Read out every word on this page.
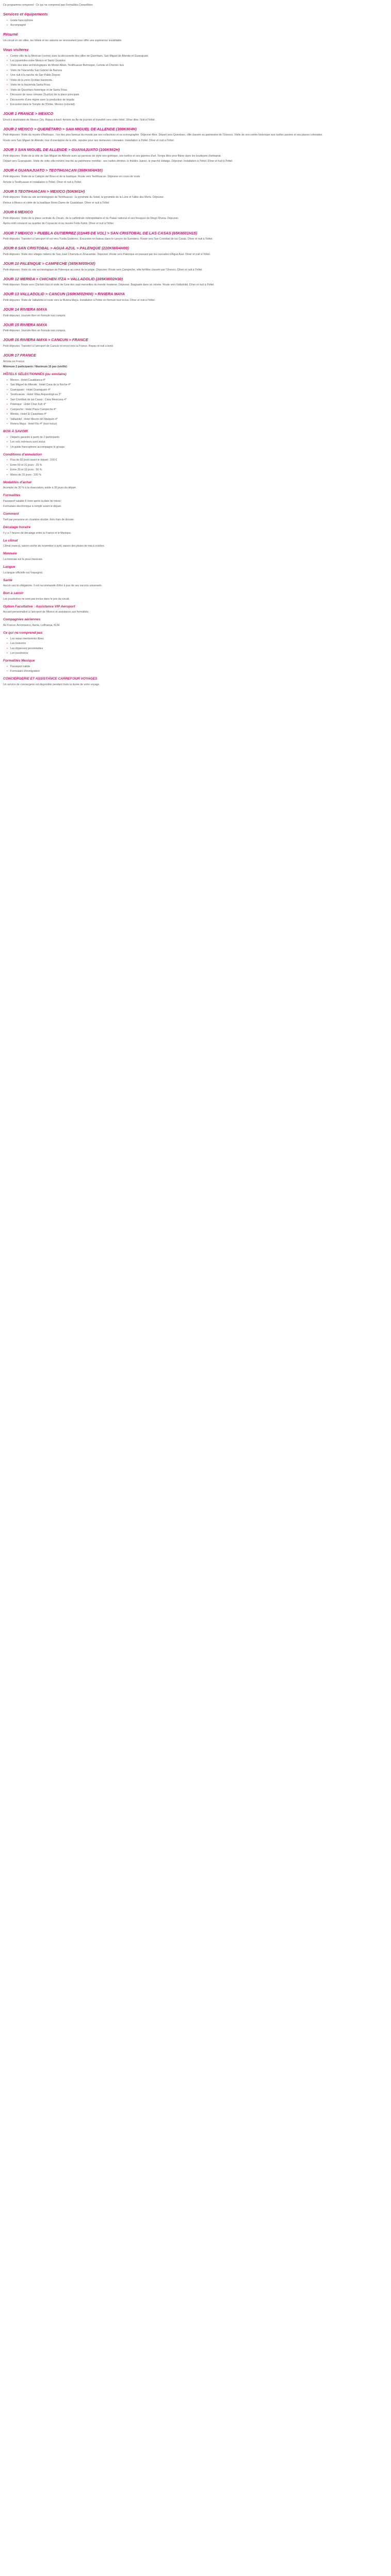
Ce programme comprend : Ce qui ne comprend pas Formalités Conseillées

Services et équipements
• Guide francophone
• Accompagné
Résumé

Un circuit en six villes, les hôtels et les saisons se renouvelent pour offrir une expérience inoubliable.

Vous visiterez
• Centre-ville de la Mexican (centre) avec la découverte des villes de Querétaro, San Miguel de Allende et Guanajuato
• Les pyramides entre Mexico et Santo Guanino
• Visite des sites archéologiques de Monte Albán, Teotihuacan Belmopan, Cenote et Chichén Itzá
• Visite de l'Hacienda San Gabriel de Barrera
• Une nuit à la ranche de San Pablo Deposi
• Visite de la zone Ocotlán Hacienda
• Visite de la Hacienda Santa Rosa
• Visite de Querétaro historique et de Santa Rosa
• Découvrir de rares cénotes (Suytún) de la place principale
• Découverte d'une région avec la production de tequila
• Excursion dans le Temple de l'Ordre, Mexico (colonial)
JOUR 1 FRANCE > MEXICO

Envol à destination de Mexico City. Repas à bord. Arrivée au 8e de journée et transfert vers votre hôtel. Dîner libre. Nuit à l'hôtel.

JOUR 2 MEXICO > QUERÉTARO > SAN MIGUEL DE ALLENDE (300KM/4H)

Petit-déjeuner. Visite du musée d'Anthropo : l'un des plus fameux du monde par ses collections et sa scénographie. Déjeuner libre. Départ vers Querétaro, ville classée au patrimoine de l'Unesco. Visite de son centre historique aux ruelles pavées et ses places coloniales.

Route vers San Miguel de Allende, tour d'orientation de la ville, réputée pour ses demeures coloniales. Installation à l'hôtel. Dîner et nuit à l'hôtel.

JOUR 3 SAN MIGUEL DE ALLENDE > GUANAJUATO (100KM/2H)

Petit-déjeuner. Visite de la ville de San Miguel de Allende avec sa paroisse de style néo-gothique, ses ruelles et ses galeries d'art. Temps libre pour flâner dans les boutiques d'artisanat.

Départ vers Guanajuato. Visite de cette ville minière inscrite au patrimoine mondial : ses ruelles étroites, le théâtre Juárez, le marché Hidalgo. Déjeuner. Installation à l'hôtel. Dîner et nuit à l'hôtel.

JOUR 4 GUANAJUATO > TEOTIHUACAN (360KM/4H30)

Petit-déjeuner. Visite de la Callejón del Beso et de la basilique. Route vers Teotihuacan. Déjeuner en cours de route.

Arrivée à Teotihuacan et installation à l'hôtel. Dîner et nuit à l'hôtel.

JOUR 5 TEOTIHUACAN > MEXICO (50KM/1H)

Petit-déjeuner. Visite du site archéologique de Teotihuacan : la pyramide du Soleil, la pyramide de la Lune et l'allée des Morts. Déjeuner.

Retour à Mexico et visite de la basilique Notre-Dame de Guadalupe. Dîner et nuit à l'hôtel.

JOUR 6 MEXICO

Petit-déjeuner. Visite de la place centrale du Zócalo, de la cathédrale métropolitaine et du Palais national et ses fresques de Diego Rivera. Déjeuner.

Après-midi consacré au quartier de Coyoacán et au musée Frida Kahlo. Dîner et nuit à l'hôtel.

JOUR 7 MEXICO > PUEBLA GUTIERREZ (01H45 DE VOL) > SAN CRISTOBAL DE LAS CASAS (65KM/01H15)

Petit-déjeuner. Transfert à l'aéroport et vol vers Tuxtla Gutiérrez. Excursion en bateau dans le canyon du Sumidero. Route vers San Cristóbal de las Casas. Dîner et nuit à l'hôtel.

JOUR 8 SAN CRISTOBAL > AGUA AZUL > PALENQUE (220KM/04H00)

Petit-déjeuner. Visite des villages indiens de San Juan Chamula et Zinacantán. Déjeuner. Route vers Palenque en passant par les cascades d'Agua Azul. Dîner et nuit à l'hôtel.

JOUR 10 PALENQUE > CAMPECHE (365KM/05H30)

Petit-déjeuner. Visite du site archéologique de Palenque au cœur de la jungle. Déjeuner. Route vers Campeche, ville fortifiée classée par l'Unesco. Dîner et nuit à l'hôtel.

JOUR 12 MERIDA > CHICHEN ITZA > VALLADOLID (165KM/02H30)

Petit-déjeuner. Route vers Chichén Itzá et visite de l'une des sept merveilles du monde moderne. Déjeuner. Baignade dans un cénote. Route vers Valladolid. Dîner et nuit à l'hôtel.

JOUR 13 VALLADOLID > CANCUN (160KM/02H00) > RIVIERA MAYA

Petit-déjeuner. Visite de Valladolid et route vers la Riviera Maya. Installation à l'hôtel en formule tout inclus. Dîner et nuit à l'hôtel.

JOUR 14 RIVIERA MAYA

Petit-déjeuner. Journée libre en formule tout compris.

JOUR 15 RIVIERA MAYA

Petit-déjeuner. Journée libre en formule tout compris.

JOUR 16 RIVIERA MAYA > CANCUN > FRANCE

Petit-déjeuner. Transfert à l'aéroport de Cancún et envol vers la France. Repas et nuit à bord.

JOUR 17 FRANCE

Arrivée en France.

Minimum 2 participants / Maximum 16 pax (vérifié)

HÔTELS SÉLECTIONNÉS (ou similaire)
• Mexico : Hotel Casablanca 4*
• San Miguel de Allende : Hotel Casa de la Noche 4*
• Guanajuato : Hotel Guanajuato 4*
• Teotihuacan : Hotel Villas Arqueológicas 3*
• San Cristóbal de las Casas : Casa Mexicana 4*
• Palenque : Hotel Chan Kah 4*
• Campeche : Hotel Plaza Campeche 4*
• Mérida : Hotel El Castellano 4*
• Valladolid : Hotel Mesón del Marqués 4*
• Riviera Maya : Hotel Riu 4* (tout inclus)
BON À SAVOIR
• Départs garantis à partir de 2 participants
• Les vols intérieurs sont inclus
• Un guide francophone accompagne le groupe
Conditions d'annulation
• Plus de 60 jours avant le départ : 100 €
• Entre 60 et 31 jours : 25 %
• Entre 30 et 15 jours : 50 %
• Moins de 15 jours : 100 %
Modalités d'achat

Acompte de 30 % à la réservation, solde à 30 jours du départ.

Formalités

Passeport valable 6 mois après la date de retour.

Formulaire électronique à remplir avant le départ.

Comment

Tarif par personne en chambre double, hors frais de dossier.

Décalage horaire

Il y a 7 heures de décalage entre la France et le Mexique.

Le climat

Climat tropical, saison sèche de novembre à avril, saison des pluies de mai à octobre.

Monnaie

La monnaie est le peso mexicain.

Langue

La langue officielle est l'espagnol.

Santé

Aucun vaccin obligatoire. Il est recommandé d'être à jour de ses vaccins universels.

Bon à savoir

Les pourboires ne sont pas inclus dans le prix du circuit.

Option Facultative : Assistance VIP Aéroport

Accueil personnalisé à l'aéroport de Mexico et assistance aux formalités.

Compagnies aériennes

Air France, Aeromexico, Iberia, Lufthansa, KLM.

Ce qui ne comprend pas
• Les repas mentionnés libres
• Les boissons
• Les dépenses personnelles
• Les pourboires
Formalités Mexique
• Passeport valide
• Formulaire d'immigration
CONCIERGERIE ET ASSISTANCE CARREFOUR VOYAGES

Un service de conciergerie est disponible pendant toute la durée de votre voyage.
